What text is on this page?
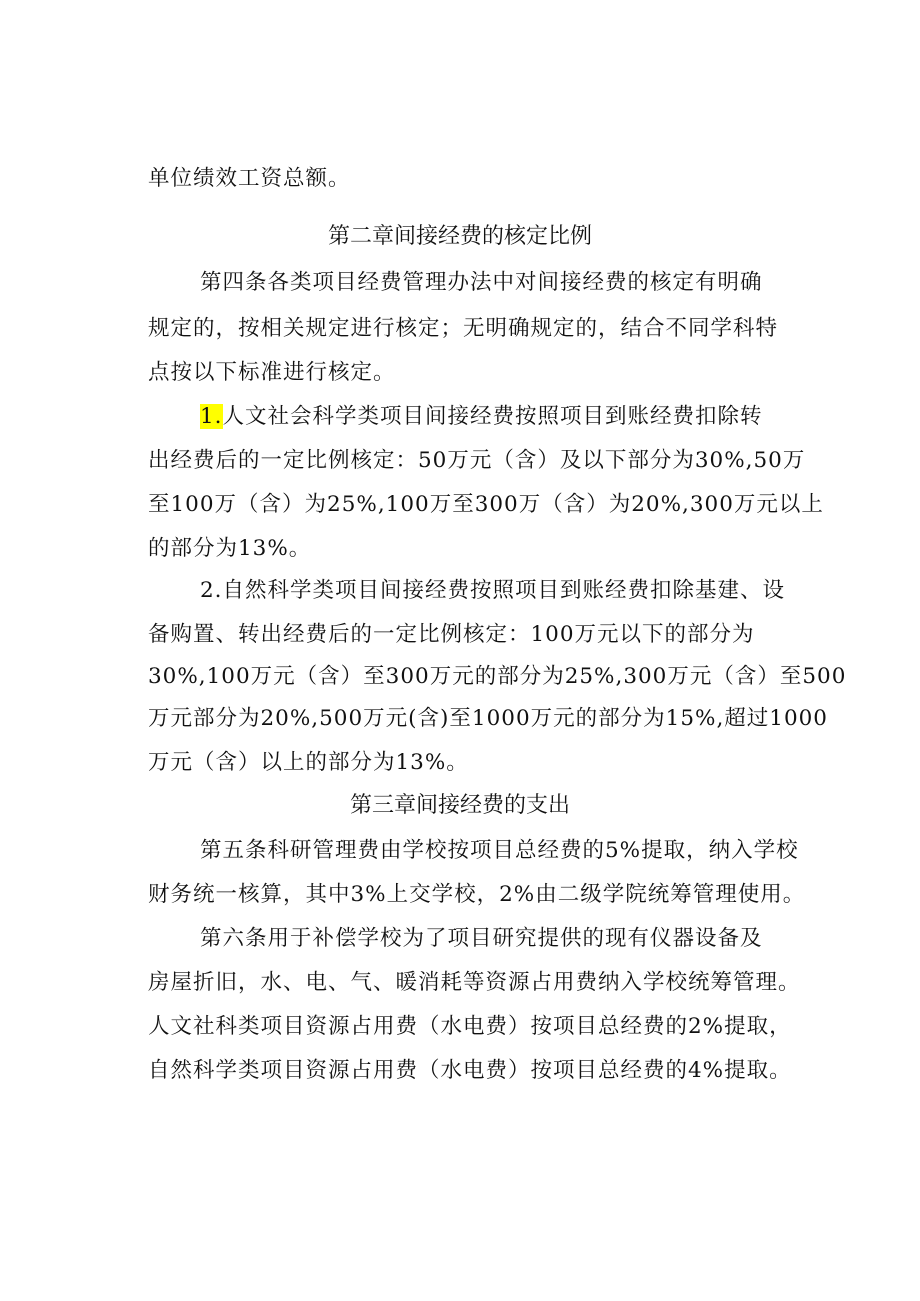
单位绩效工资总额。
第二章间接经费的核定比例
第四条各类项目经费管理办法中对间接经费的核定有明确
规定的，按相关规定进行核定；无明确规定的，结合不同学科特
点按以下标准进行核定。
1.人文社会科学类项目间接经费按照项目到账经费扣除转
出经费后的一定比例核定：50万元（含）及以下部分为30%,50万
至100万（含）为25%,100万至300万（含）为20%,300万元以上
的部分为13%。
2.自然科学类项目间接经费按照项目到账经费扣除基建、设
备购置、转出经费后的一定比例核定：100万元以下的部分为
30%,100万元（含）至300万元的部分为25%,300万元（含）至500
万元部分为20%,500万元(含)至1000万元的部分为15%,超过1000
万元（含）以上的部分为13%。
第三章间接经费的支出
第五条科研管理费由学校按项目总经费的5%提取，纳入学校
财务统一核算，其中3%上交学校，2%由二级学院统筹管理使用。
第六条用于补偿学校为了项目研究提供的现有仪器设备及
房屋折旧，水、电、气、暖消耗等资源占用费纳入学校统筹管理。
人文社科类项目资源占用费（水电费）按项目总经费的2%提取，
自然科学类项目资源占用费（水电费）按项目总经费的4%提取。
